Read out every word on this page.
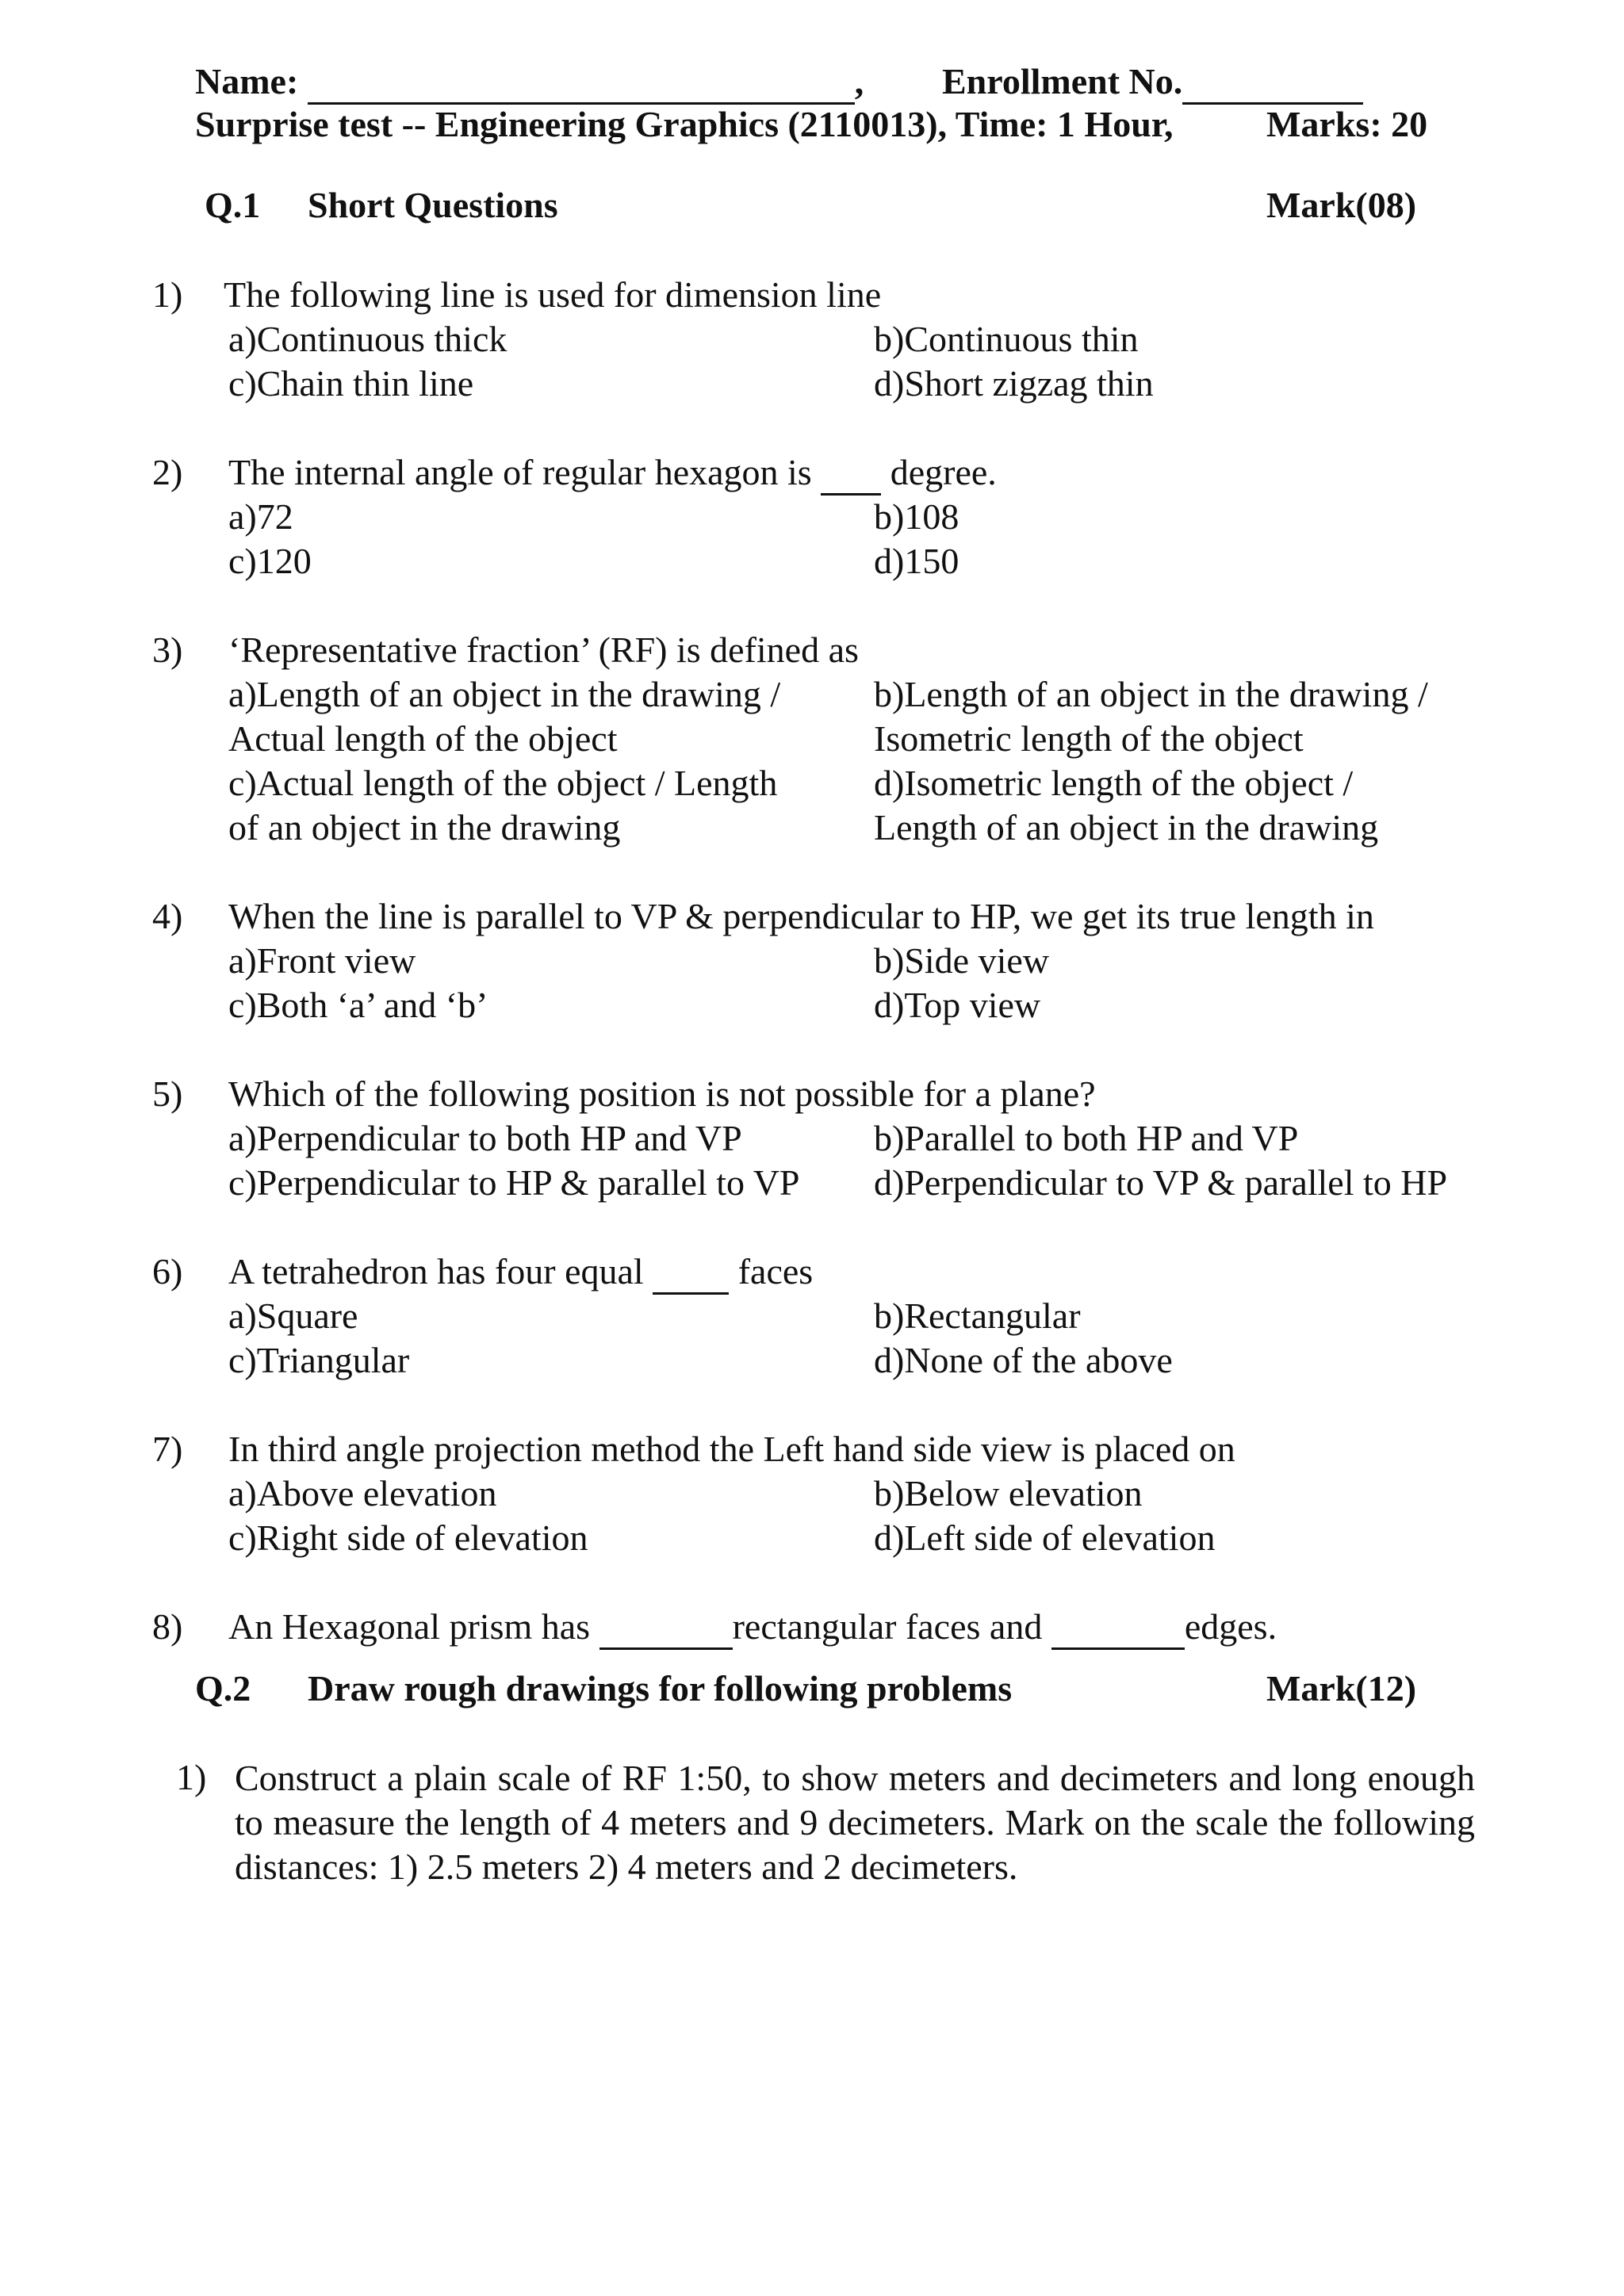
Name:	, Enrollment No.
Surprise test -- Engineering Graphics (2110013), Time: 1 Hour,	Marks: 20
Q.1 Short Questions	Mark(08)
1) The following line is used for dimension line
a)Continuous thick	b)Continuous thin
c)Chain thin line	d)Short zigzag thin
2) The internal angle of regular hexagon is degree.
a)72	b)108
c)120	d)150
3) ‘Representative fraction’ (RF) is defined as
a)Length of an object in the drawing /	b)Length of an object in the drawing /
Actual length of the object	Isometric length of the object
c)Actual length of the object / Length	d)Isometric length of the object /
of an object in the drawing	Length of an object in the drawing
4) When the line is parallel to VP & perpendicular to HP, we get its true length in
a)Front view	b)Side view
c)Both ‘a’ and ‘b’	d)Top view
5) Which of the following position is not possible for a plane?
a)Perpendicular to both HP and VP	b)Parallel to both HP and VP
c)Perpendicular to HP & parallel to VP d)Perpendicular to VP & parallel to HP
6) A tetrahedron has four equal	faces
a)Square	b)Rectangular
c)Triangular	d)None of the above
7) In third angle projection method the Left hand side view is placed on
a)Above elevation	b)Below elevation
c)Right side of elevation	d)Left side of elevation
8) An Hexagonal prism has	rectangular faces and	edges.
Q.2 Draw rough drawings for following problems	Mark(12)
1) Construct a plain scale of RF 1:50, to show meters and decimeters and long enough to measure the length of 4 meters and 9 decimeters. Mark on the scale the following distances: 1) 2.5 meters 2) 4 meters and 2 decimeters.
